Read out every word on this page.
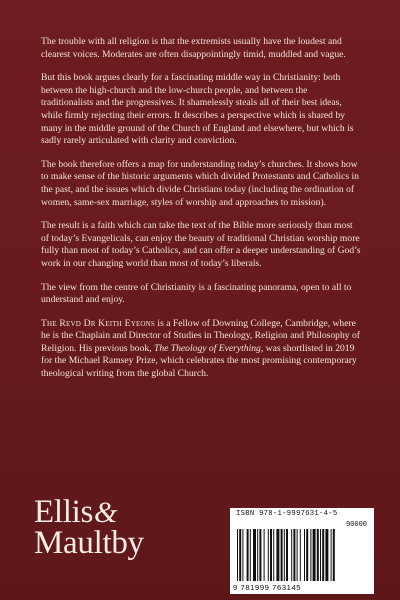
The trouble with all religion is that the extremists usually have the loudest and clearest voices. Moderates are often disappointingly timid, muddled and vague.

But this book argues clearly for a fascinating middle way in Christianity: both between the high-church and the low-church people, and between the traditionalists and the progressives. It shamelessly steals all of their best ideas, while firmly rejecting their errors. It describes a perspective which is shared by many in the middle ground of the Church of England and elsewhere, but which is sadly rarely articulated with clarity and conviction.

The book therefore offers a map for understanding today’s churches. It shows how to make sense of the historic arguments which divided Protestants and Catholics in the past, and the issues which divide Christians today (including the ordination of women, same-sex marriage, styles of worship and approaches to mission).

The result is a faith which can take the text of the Bible more seriously than most of today’s Evangelicals, can enjoy the beauty of traditional Christian worship more fully than most of today’s Catholics, and can offer a deeper understanding of God’s work in our changing world than most of today’s liberals.

The view from the centre of Christianity is a fascinating panorama, open to all to understand and enjoy.

The Revd Dr Keith Eyeons is a Fellow of Downing College, Cambridge, where he is the Chaplain and Director of Studies in Theology, Religion and Philosophy of Religion. His previous book, The Theology of Everything, was shortlisted in 2019 for the Michael Ramsey Prize, which celebrates the most promising contemporary theological writing from the global Church.

Ellis&
Maultby
ISBN 978-1-9997631-4-5
90000
9 781999 763145
